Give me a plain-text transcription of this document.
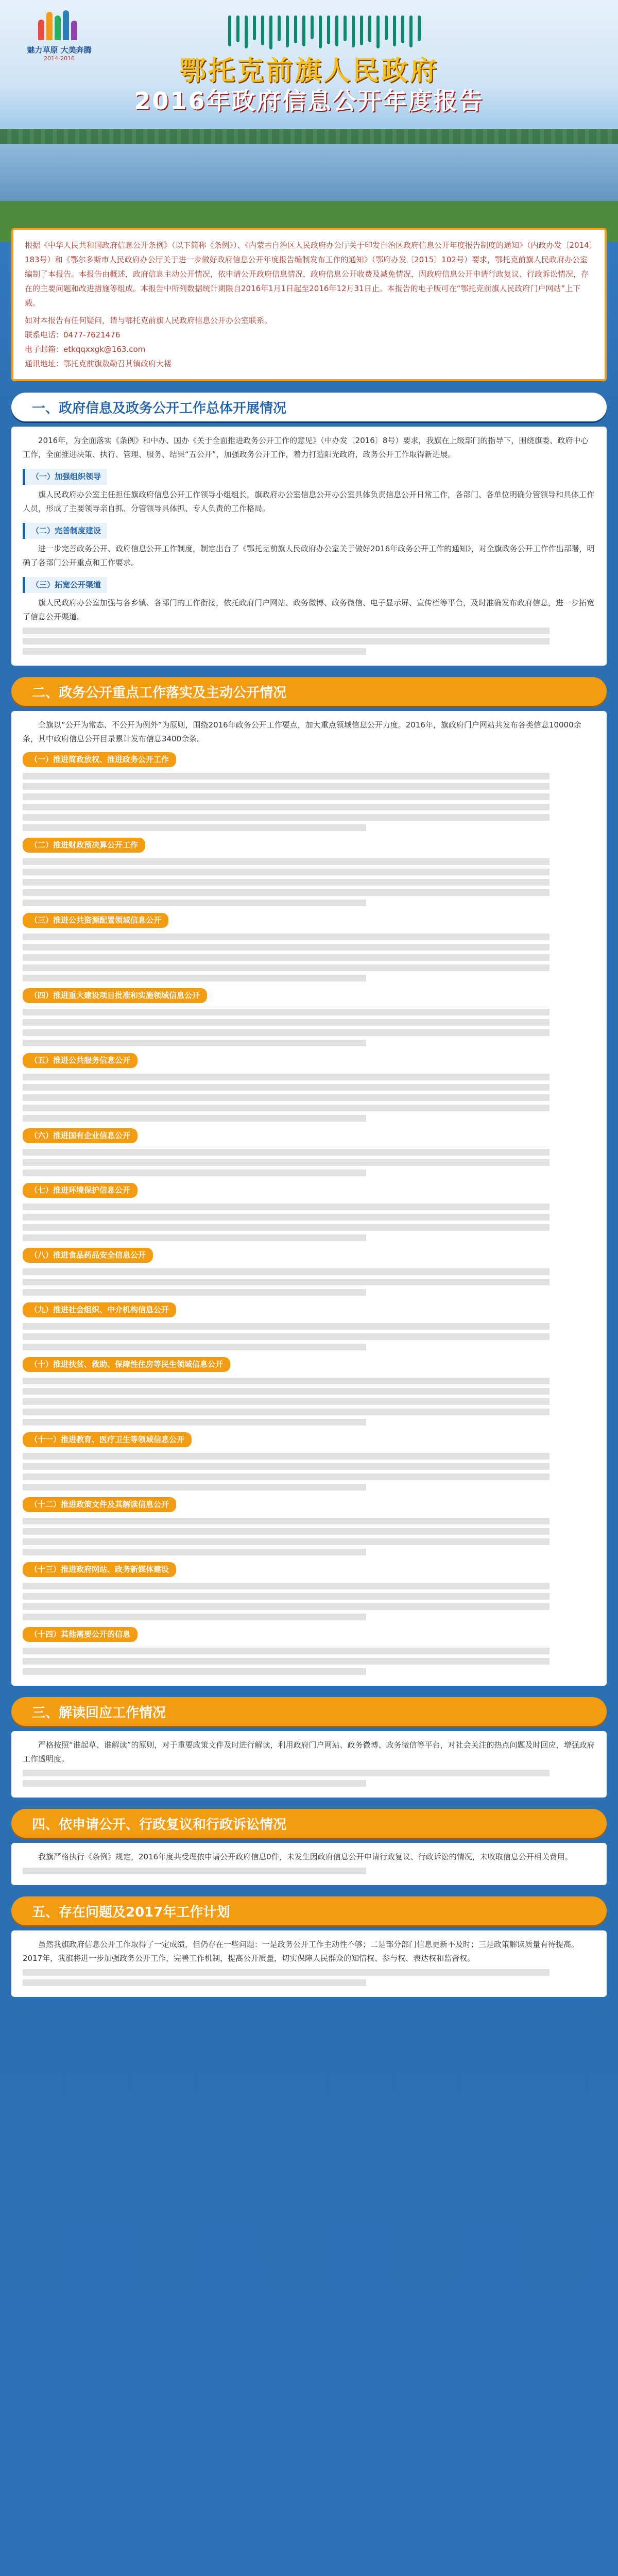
魅力草原 大美奔腾
2014-2016	鄂托克前旗人民政府
2016年政府信息公开年度报告

根据《中华人民共和国政府信息公开条例》（以下简称《条例》）、《内蒙古自治区人民政府办公厅关于印发自治区政府信息公开年度报告制度的通知》（内政办发〔2014〕183号）和《鄂尔多斯市人民政府办公厅关于进一步做好政府信息公开年度报告编制发布工作的通知》（鄂府办发〔2015〕102号）要求，鄂托克前旗人民政府办公室编制了本报告。本报告由概述，政府信息主动公开情况，依申请公开政府信息情况，政府信息公开收费及减免情况，因政府信息公开申请行政复议、行政诉讼情况，存在的主要问题和改进措施等组成。本报告中所列数据统计期限自2016年1月1日起至2016年12月31日止。本报告的电子版可在“鄂托克前旗人民政府门户网站”上下载。

如对本报告有任何疑问，请与鄂托克前旗人民政府信息公开办公室联系。

联系电话：0477-7621476

电子邮箱：etkqqxxgk@163.com

通讯地址：鄂托克前旗敖勒召其镇政府大楼

一、政府信息及政务公开工作总体开展情况

2016年，为全面落实《条例》和中办、国办《关于全面推进政务公开工作的意见》（中办发〔2016〕8号）要求，我旗在上级部门的指导下，围绕旗委、政府中心工作，全面推进决策、执行、管理、服务、结果“五公开”，加强政务公开工作，着力打造阳光政府，政务公开工作取得新进展。

（一）加强组织领导

旗人民政府办公室主任担任旗政府信息公开工作领导小组组长，旗政府办公室信息公开办公室具体负责信息公开日常工作，各部门、各单位明确分管领导和具体工作人员，形成了主要领导亲自抓、分管领导具体抓、专人负责的工作格局。

（二）完善制度建设

进一步完善政务公开、政府信息公开工作制度，制定出台了《鄂托克前旗人民政府办公室关于做好2016年政务公开工作的通知》，对全旗政务公开工作作出部署，明确了各部门公开重点和工作要求。

（三）拓宽公开渠道

旗人民政府办公室加强与各乡镇、各部门的工作衔接，依托政府门户网站、政务微博、政务微信、电子显示屏、宣传栏等平台，及时准确发布政府信息，进一步拓宽了信息公开渠道。

二、政务公开重点工作落实及主动公开情况

全旗以“公开为常态、不公开为例外”为原则，围绕2016年政务公开工作要点，加大重点领域信息公开力度。2016年，旗政府门户网站共发布各类信息10000余条，其中政府信息公开目录累计发布信息3400余条。

（一）推进简政放权、推进政务公开工作
（二）推进财政预决算公开工作
（三）推进公共资源配置领域信息公开
（四）推进重大建设项目批准和实施领域信息公开
（五）推进公共服务信息公开
（六）推进国有企业信息公开
（七）推进环境保护信息公开
（八）推进食品药品安全信息公开
（九）推进社会组织、中介机构信息公开
（十）推进扶贫、救助、保障性住房等民生领域信息公开
（十一）推进教育、医疗卫生等领域信息公开
（十二）推进政策文件及其解读信息公开
（十三）推进政府网站、政务新媒体建设
（十四）其他需要公开的信息
三、解读回应工作情况

严格按照“谁起草、谁解读”的原则，对于重要政策文件及时进行解读，利用政府门户网站、政务微博、政务微信等平台，对社会关注的热点问题及时回应，增强政府工作透明度。

四、依申请公开、行政复议和行政诉讼情况

我旗严格执行《条例》规定，2016年度共受理依申请公开政府信息0件，未发生因政府信息公开申请行政复议、行政诉讼的情况，未收取信息公开相关费用。

五、存在问题及2017年工作计划

虽然我旗政府信息公开工作取得了一定成绩，但仍存在一些问题：一是政务公开工作主动性不够；二是部分部门信息更新不及时；三是政策解读质量有待提高。2017年，我旗将进一步加强政务公开工作，完善工作机制，提高公开质量，切实保障人民群众的知情权、参与权、表达权和监督权。
